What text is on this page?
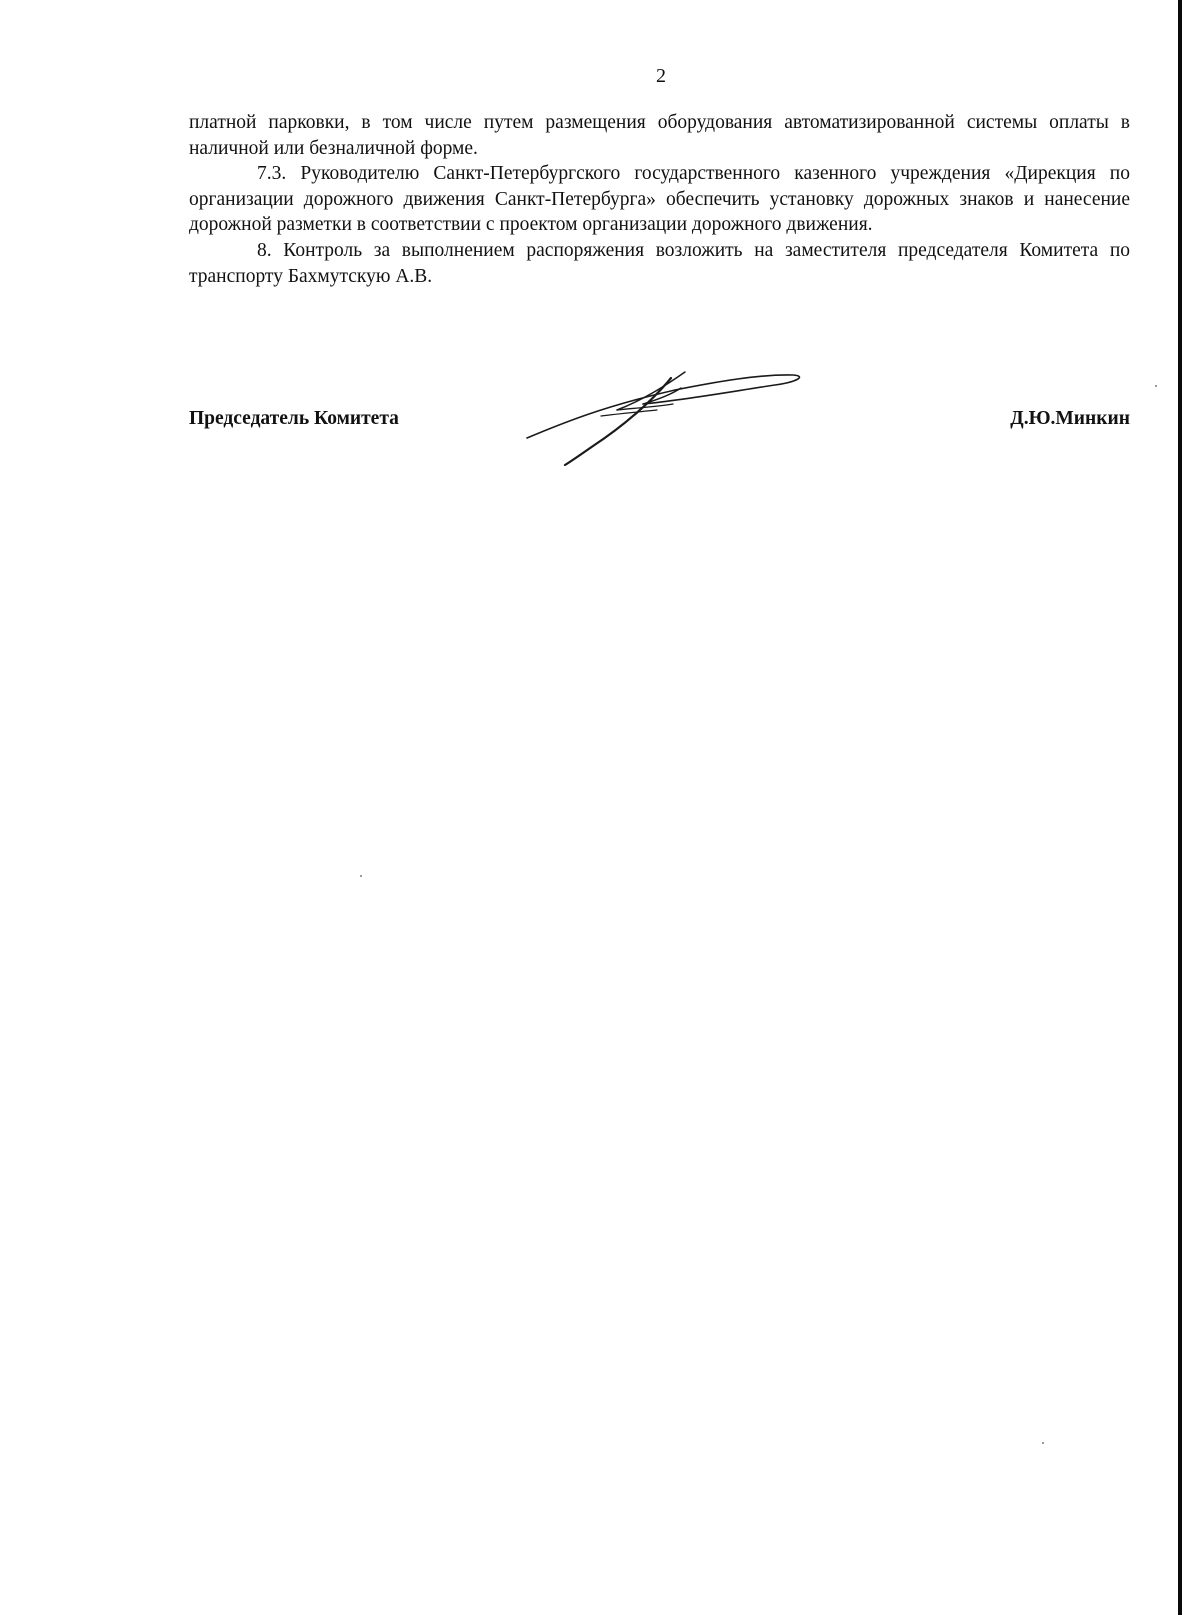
2

платной парковки, в том числе путем размещения оборудования автоматизированной системы оплаты в наличной или безналичной форме.

7.3. Руководителю Санкт-Петербургского государственного казенного учреждения «Дирекция по организации дорожного движения Санкт-Петербурга» обеспечить установку дорожных знаков и нанесение дорожной разметки в соответствии с проектом организации дорожного движения.

8. Контроль за выполнением распоряжения возложить на заместителя председателя Комитета по транспорту Бахмутскую А.В.

Председатель Комитета	Д.Ю.Минкин
